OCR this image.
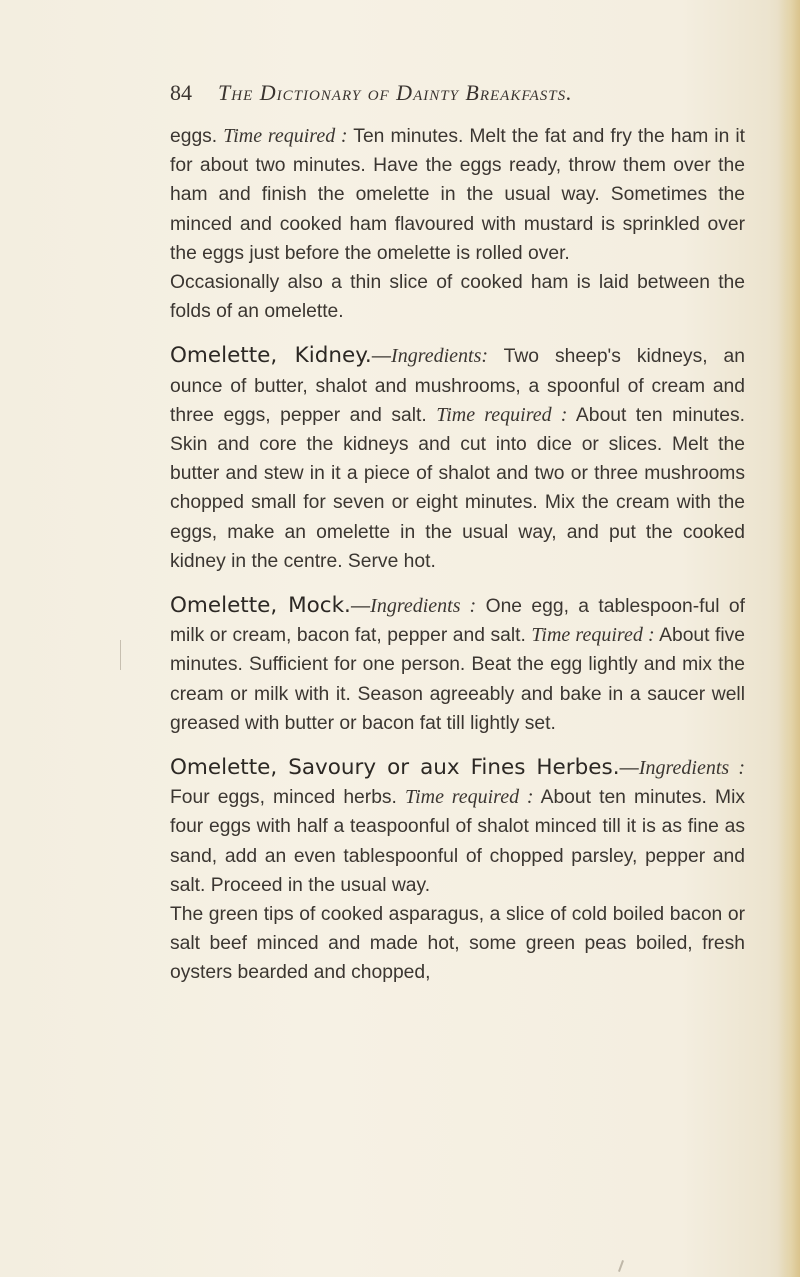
84 The Dictionary of Dainty Breakfasts.

eggs. Time required : Ten minutes. Melt the fat and fry the ham in it for about two minutes. Have the eggs ready, throw them over the ham and finish the omelette in the usual way. Sometimes the minced and cooked ham flavoured with mustard is sprinkled over the eggs just before the omelette is rolled over.

Occasionally also a thin slice of cooked ham is laid between the folds of an omelette.

Omelette, Kidney.—Ingredients: Two sheep's kidneys, an ounce of butter, shalot and mushrooms, a spoonful of cream and three eggs, pepper and salt. Time required : About ten minutes. Skin and core the kidneys and cut into dice or slices. Melt the butter and stew in it a piece of shalot and two or three mushrooms chopped small for seven or eight minutes. Mix the cream with the eggs, make an omelette in the usual way, and put the cooked kidney in the centre. Serve hot.

Omelette, Mock.—Ingredients : One egg, a tablespoon-ful of milk or cream, bacon fat, pepper and salt. Time required : About five minutes. Sufficient for one person. Beat the egg lightly and mix the cream or milk with it. Season agreeably and bake in a saucer well greased with butter or bacon fat till lightly set.

Omelette, Savoury or aux Fines Herbes.—Ingredients : Four eggs, minced herbs. Time required : About ten minutes. Mix four eggs with half a teaspoonful of shalot minced till it is as fine as sand, add an even tablespoonful of chopped parsley, pepper and salt. Proceed in the usual way.

The green tips of cooked asparagus, a slice of cold boiled bacon or salt beef minced and made hot, some green peas boiled, fresh oysters bearded and chopped,
